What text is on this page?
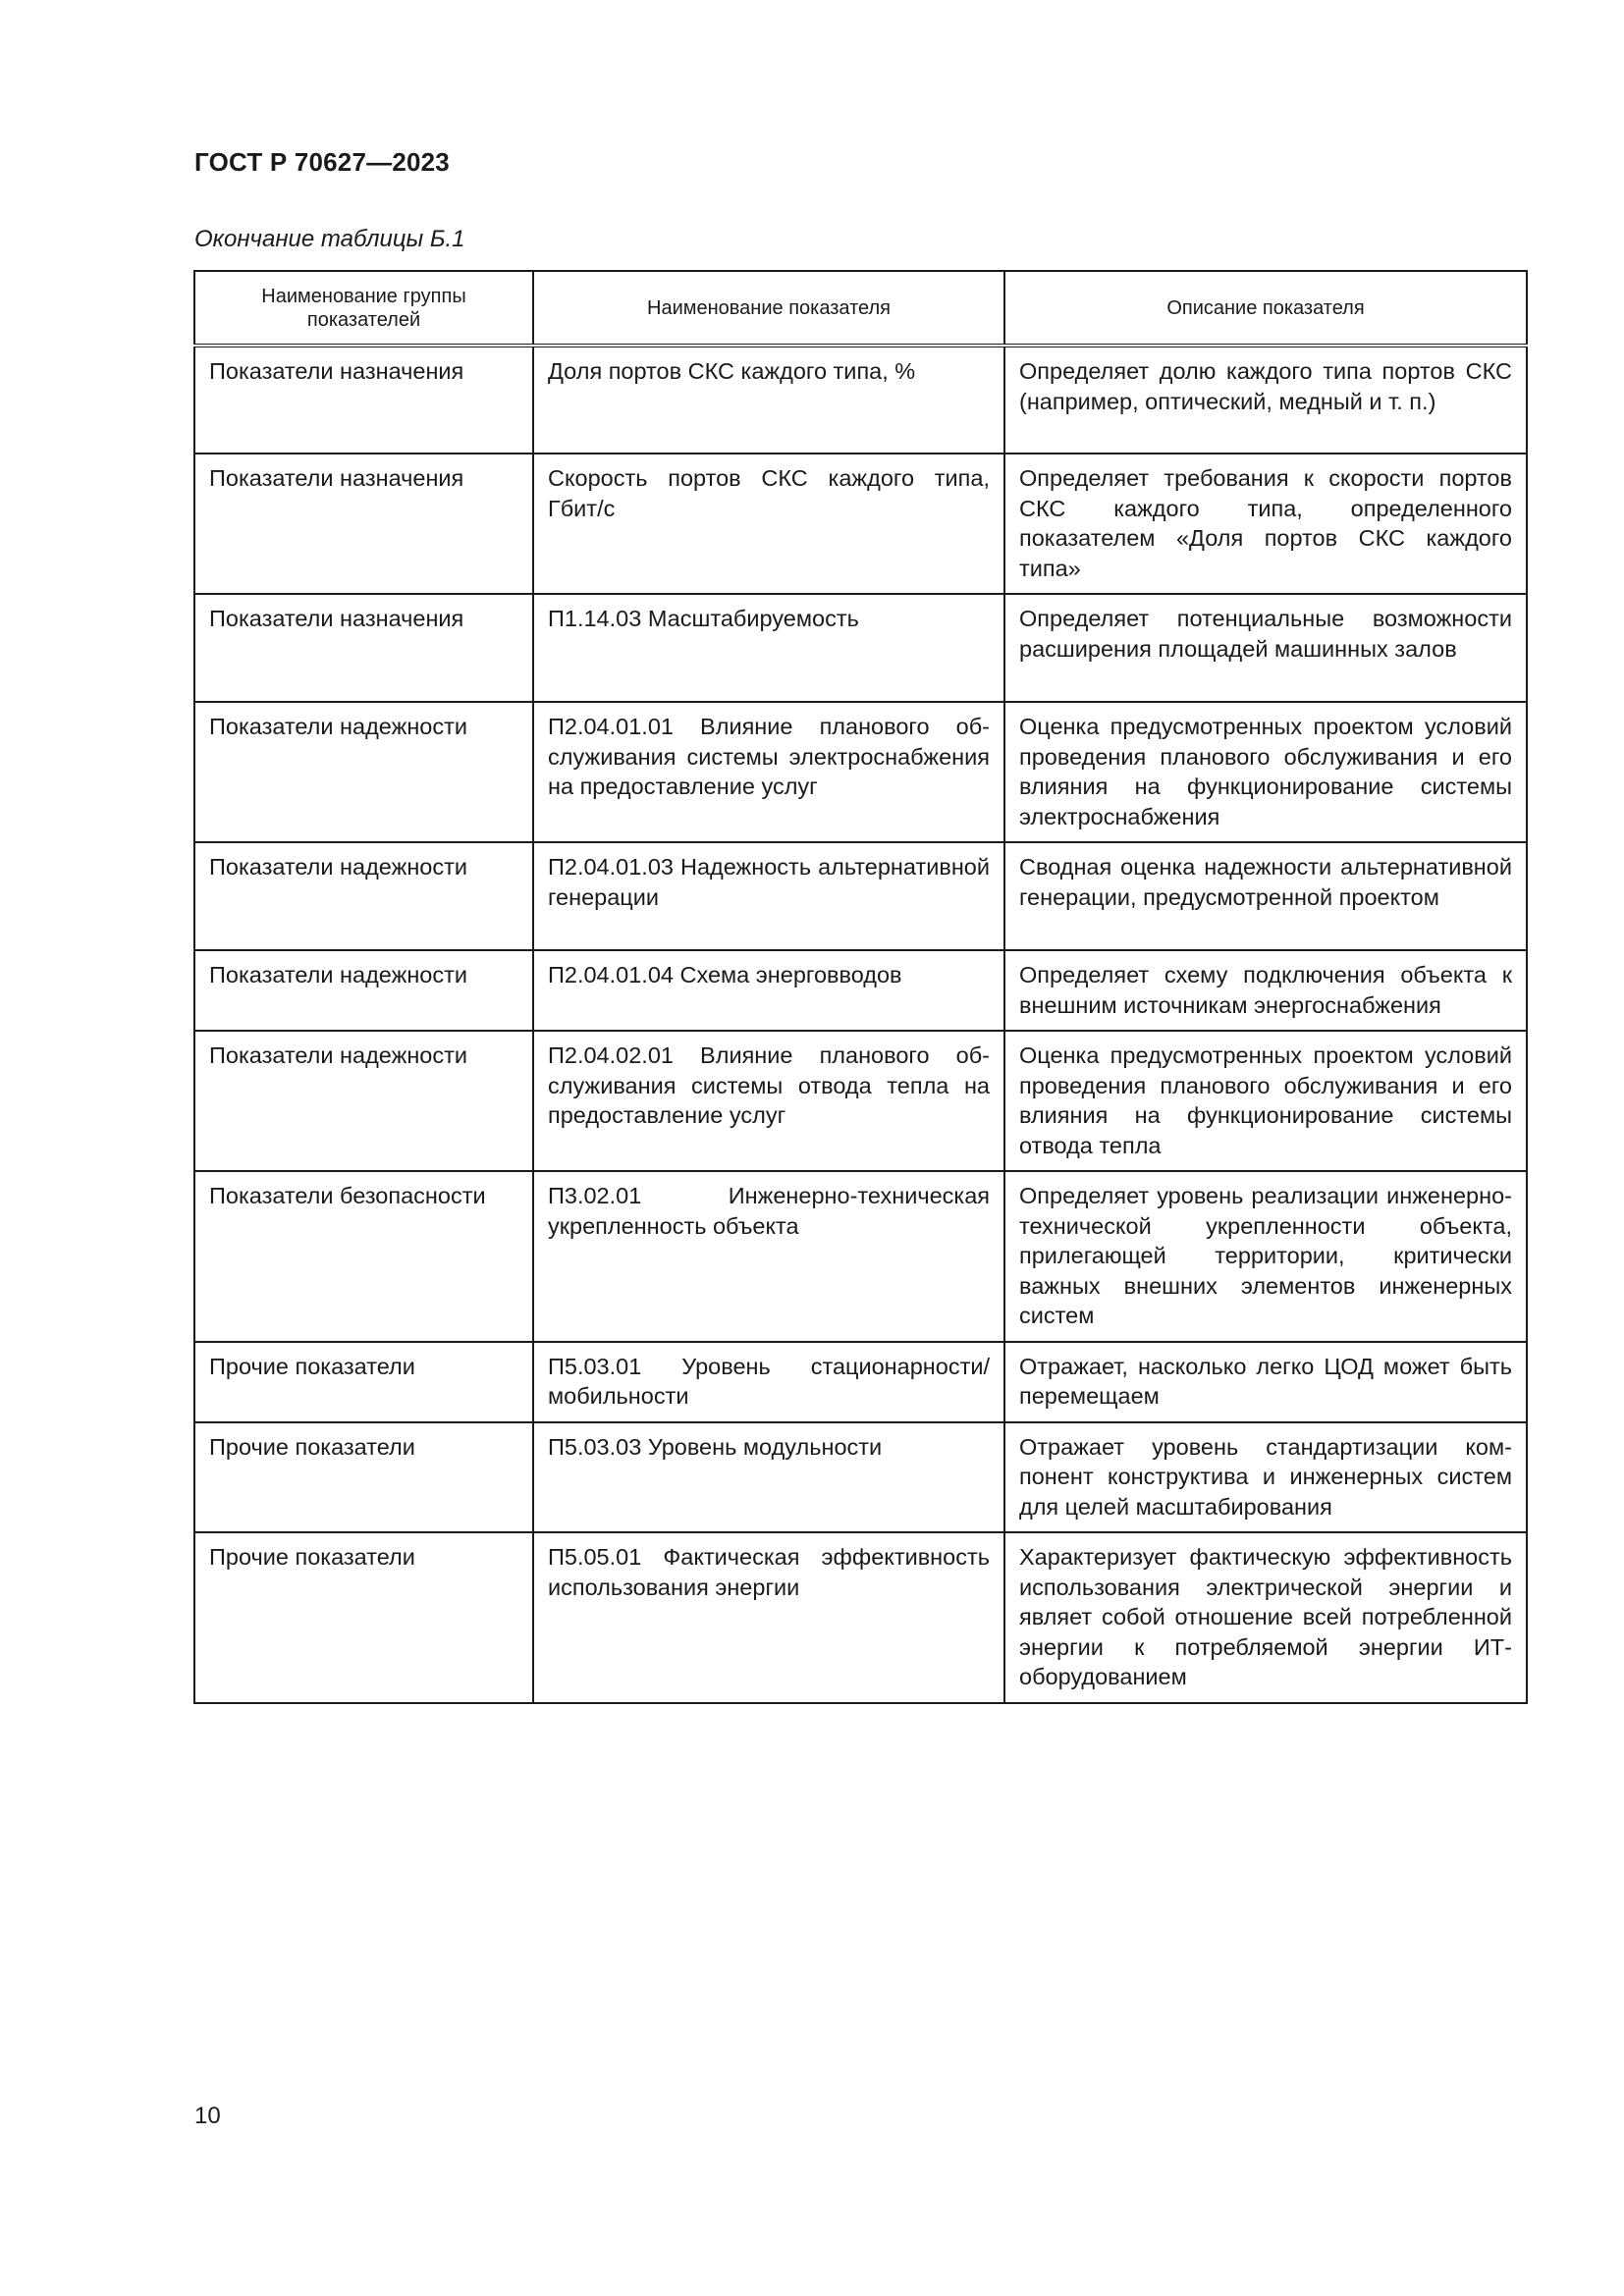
ГОСТ Р 70627—2023

Окончание таблицы Б.1

Наименование группы показателей	Наименование показателя	Описание показателя
Показатели назначения	Доля портов СКС каждого типа, %	Определяет долю каждого типа портов СКС (например, оптический, медный и т. п.)
Показатели назначения	Скорость портов СКС каждого типа, Гбит/с	Определяет требования к скорости портов СКС каждого типа, определенного показателем «Доля портов СКС каждого типа»
Показатели назначения	П1.14.03 Масштабируемость	Определяет потенциальные возможности расширения площадей машинных залов
Показатели надежности	П2.04.01.01 Влияние планового обслуживания системы электроснабжения на предоставление услуг	Оценка предусмотренных проектом условий проведения планового обслуживания и его влияния на функционирование системы электроснабжения
Показатели надежности	П2.04.01.03 Надежность альтернативной генерации	Сводная оценка надежности альтернативной генерации, предусмотренной проектом
Показатели надежности	П2.04.01.04 Схема энерговводов	Определяет схему подключения объекта к внешним источникам энергоснабжения
Показатели надежности	П2.04.02.01 Влияние планового обслуживания системы отвода тепла на предоставление услуг	Оценка предусмотренных проектом условий проведения планового обслуживания и его влияния на функционирование системы отвода тепла
Показатели безопасности	П3.02.01 Инженерно-техническая укрепленность объекта	Определяет уровень реализации инженерно-технической укрепленности объекта, прилегающей территории, критически важных внешних элементов инженерных систем
Прочие показатели	П5.03.01 Уровень стационарности/ мобильности	Отражает, насколько легко ЦОД может быть перемещаем
Прочие показатели	П5.03.03 Уровень модульности	Отражает уровень стандартизации компонент конструктива и инженерных систем для целей масштабирования
Прочие показатели	П5.05.01 Фактическая эффективность использования энергии	Характеризует фактическую эффективность использования электрической энергии и являет собой отношение всей потребленной энергии к потребляемой энергии ИТ-оборудованием

10
